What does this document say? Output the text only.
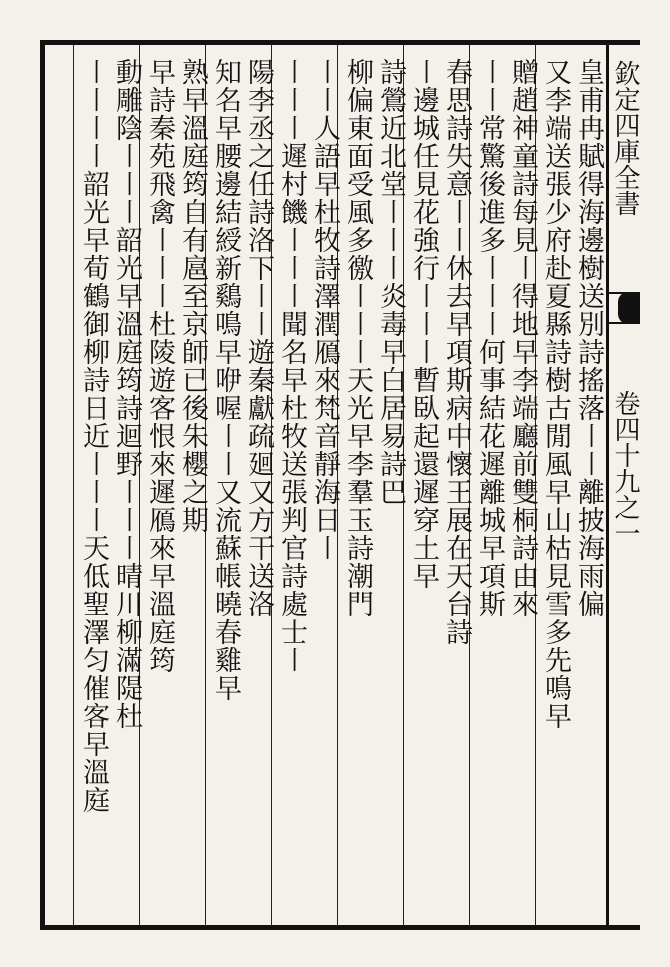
欽定四庫全書
卷四十九之一
皇甫冉賦得海邊樹送別詩搖落〡〡離披海雨偏
又李端送張少府赴夏縣詩樹古閒風早山枯見雪多先鳴早
贈趙神童詩每見〡得地早李端廳前雙桐詩由來
〡〡常驚後進多〡〡〡何事結花遲離城早項斯
春思詩失意〡〡休去早項斯病中懷王展在天台詩
〡邊城任見花強行〡〡〡暫臥起還遲穿土早
詩鶯近北堂〡〡〡炎毒早白居易詩巴
柳偏東面受風多徼〡〡〡天光早李羣玉詩潮門
〡〡人語早杜牧詩澤潤鴈來梵音靜海日〡
〡〡〡遲村饑〡〡〡聞名早杜牧送張判官詩處士〡
陽李丞之任詩洛下〡〡遊秦獻疏廻又方干送洛
知名早腰邊結綬新鷄鳴早咿喔〡〡又流蘇帳曉春雞早
熟早溫庭筠自有扈至京師已後朱櫻之期
早詩秦苑飛禽〡〡〡杜陵遊客恨來遲鴈來早溫庭筠
動雕陰〡〡〡韶光早溫庭筠詩迴野〡〡〡晴川柳滿隄杜
〡〡〡〡韶光早荀鶴御柳詩日近〡〡〡天低聖澤匀催客早溫庭
